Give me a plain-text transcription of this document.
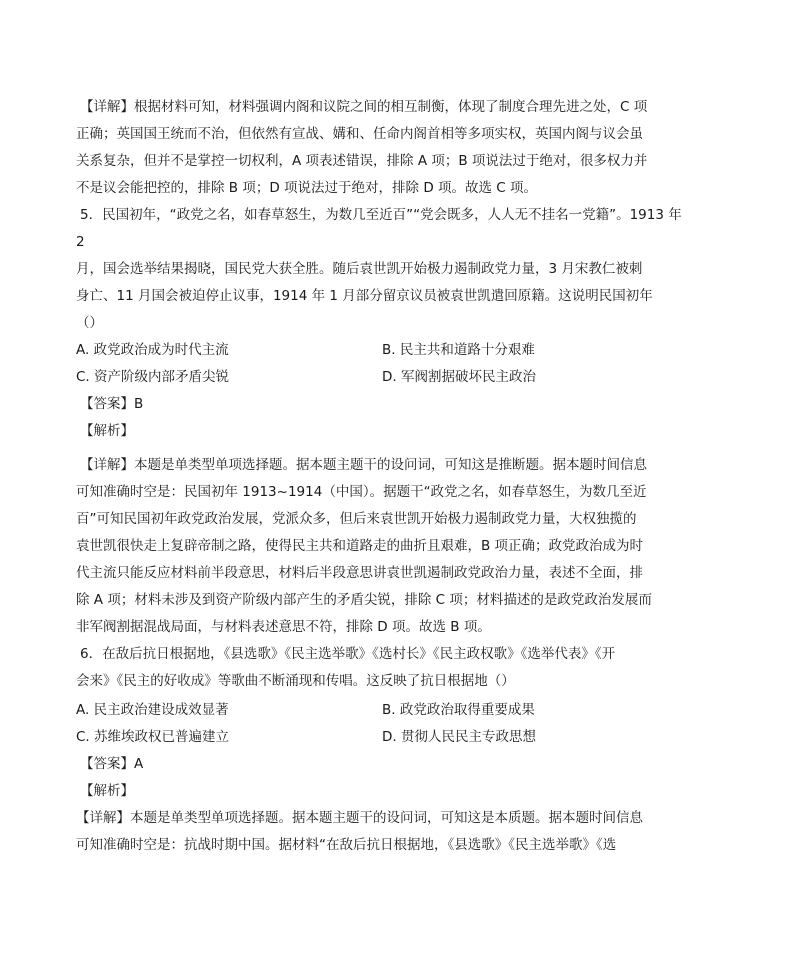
【详解】根据材料可知，材料强调内阁和议院之间的相互制衡，体现了制度合理先进之处，C 项
正确；英国国王统而不治，但依然有宣战、媾和、任命内阁首相等多项实权，英国内阁与议会虽
关系复杂，但并不是掌控一切权利，A 项表述错误，排除 A 项；B 项说法过于绝对，很多权力并
不是议会能把控的，排除 B 项；D 项说法过于绝对，排除 D 项。故选 C 项。
5．民国初年，“政党之名，如春草怒生，为数几至近百”“党会既多，人人无不挂名一党籍”。1913 年
2
月，国会选举结果揭晓，国民党大获全胜。随后袁世凯开始极力遏制政党力量，3 月宋教仁被刺
身亡、11 月国会被迫停止议事，1914 年 1 月部分留京议员被袁世凯遣回原籍。这说明民国初年
（）
A. 政党政治成为时代主流	B. 民主共和道路十分艰难
C. 资产阶级内部矛盾尖锐	D. 军阀割据破坏民主政治
【答案】B
【解析】
【详解】本题是单类型单项选择题。据本题主题干的设问词，可知这是推断题。据本题时间信息
可知准确时空是：民国初年 1913~1914（中国）。据题干“政党之名，如春草怒生，为数几至近
百”可知民国初年政党政治发展，党派众多，但后来袁世凯开始极力遏制政党力量，大权独揽的
袁世凯很快走上复辟帝制之路，使得民主共和道路走的曲折且艰难，B 项正确；政党政治成为时
代主流只能反应材料前半段意思，材料后半段意思讲袁世凯遏制政党政治力量，表述不全面，排
除 A 项；材料未涉及到资产阶级内部产生的矛盾尖锐，排除 C 项；材料描述的是政党政治发展而
非军阀割据混战局面，与材料表述意思不符，排除 D 项。故选 B 项。
6．在敌后抗日根据地，《县选歌》《民主选举歌》《选村长》《民主政权歌》《选举代表》《开
会来》《民主的好收成》等歌曲不断涌现和传唱。这反映了抗日根据地（）
A. 民主政治建设成效显著	B. 政党政治取得重要成果
C. 苏维埃政权已普遍建立	D. 贯彻人民民主专政思想
【答案】A
【解析】
【详解】本题是单类型单项选择题。据本题主题干的设问词，可知这是本质题。据本题时间信息
可知准确时空是：抗战时期中国。据材料“在敌后抗日根据地，《县选歌》《民主选举歌》《选
